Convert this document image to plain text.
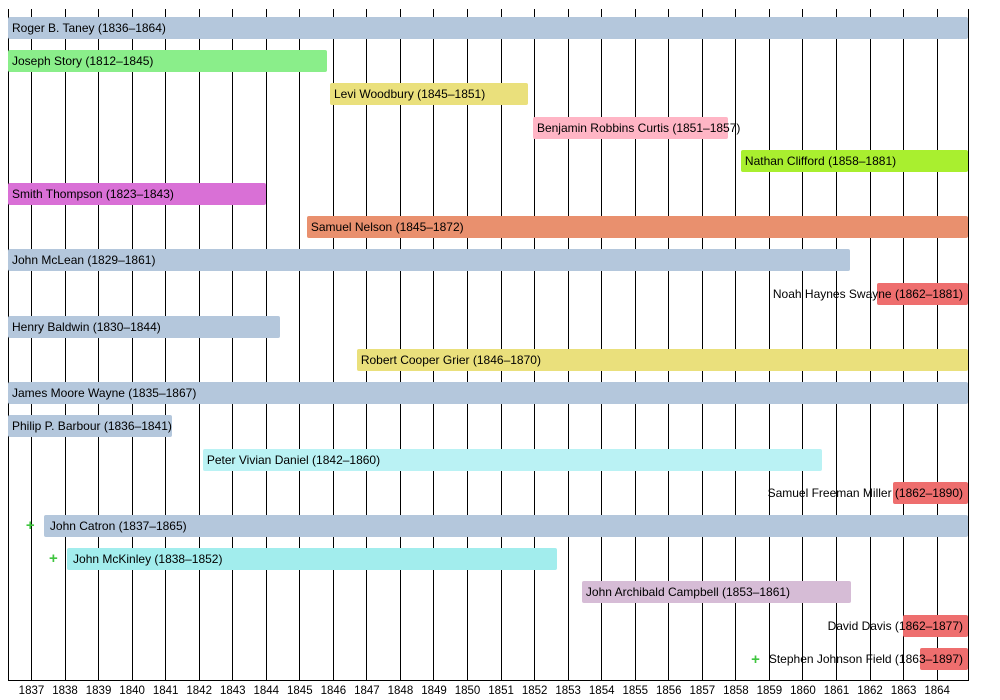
Roger B. Taney (1836–1864)
Joseph Story (1812–1845)
Levi Woodbury (1845–1851)
Benjamin Robbins Curtis (1851–1857)
Nathan Clifford (1858–1881)
Smith Thompson (1823–1843)
Samuel Nelson (1845–1872)
John McLean (1829–1861)
Noah Haynes Swayne (1862–1881)
Henry Baldwin (1830–1844)
Robert Cooper Grier (1846–1870)
James Moore Wayne (1835–1867)
Philip P. Barbour (1836–1841)
Peter Vivian Daniel (1842–1860)
Samuel Freeman Miller (1862–1890)
John Catron (1837–1865)
+
John McKinley (1838–1852)
+
John Archibald Campbell (1853–1861)
David Davis (1862–1877)
+ Stephen Johnson Field (1863–1897)
1837 1838 1839 1840 1841 1842 1843 1844 1845 1846 1847 1848 1849 1850 1851 1852 1853 1854 1855 1856 1857 1858 1859 1860 1861 1862 1863 1864
